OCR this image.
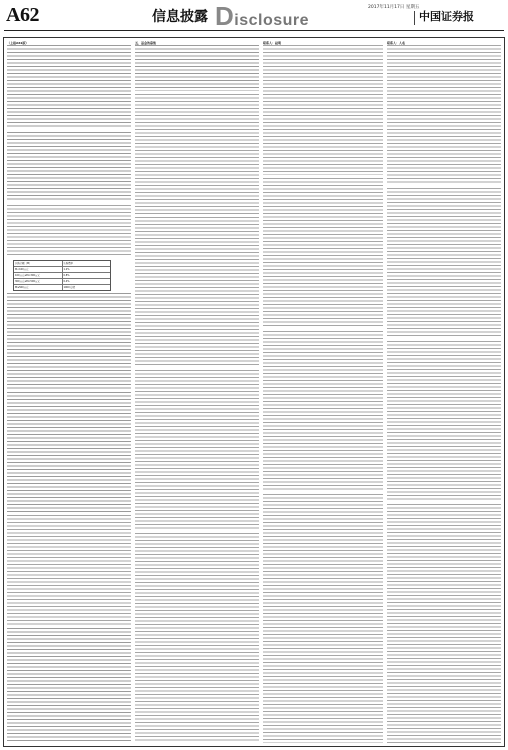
A62	信息披露 Disclosure
2017年11月17日 星期五
中国证券报

（上接A61版）

认购金额（M）	认购费率
M<100万元	1.2%
100万元≤M<300万元	0.8%
300万元≤M<500万元	0.4%
M≥500万元	1000元/笔

五、基金的募集	联系人：赵明	联系人：人名
